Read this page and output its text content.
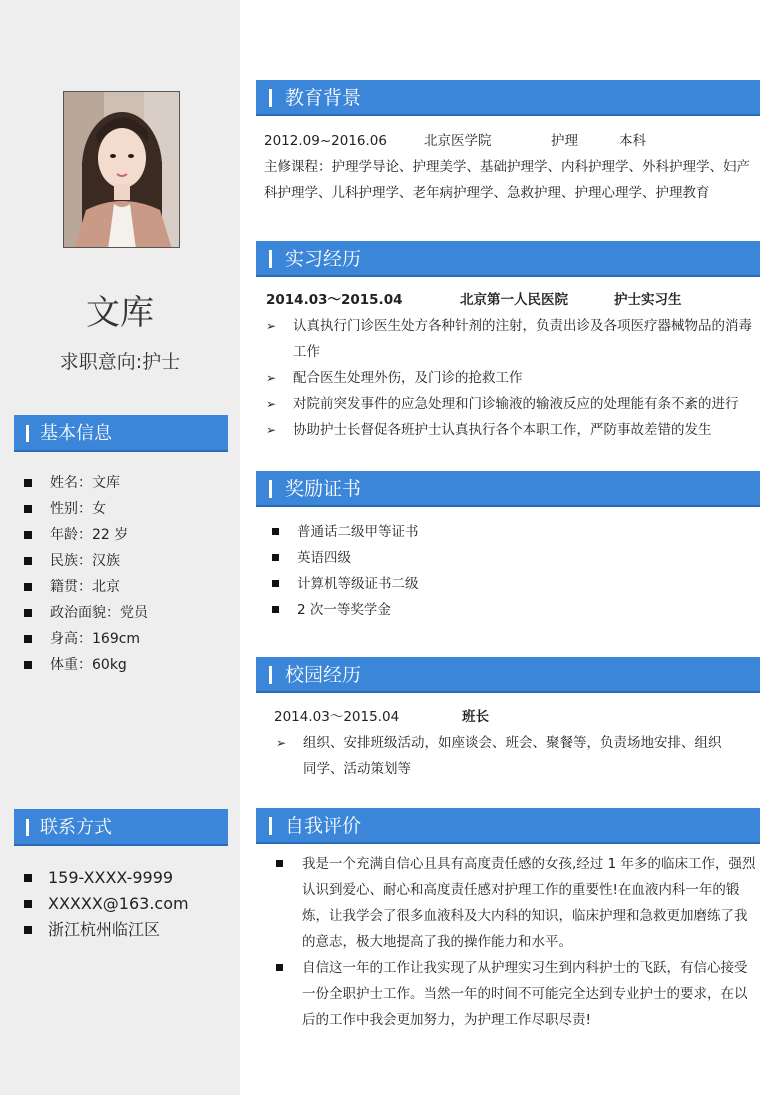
文库
求职意向:护士
基本信息
姓名：文库
性别：女
年龄：22 岁
民族：汉族
籍贯：北京
政治面貌：党员
身高：169cm
体重：60kg
联系方式
159-XXXX-9999
XXXXX@163.com
浙江杭州临江区
教育背景
2012.09~2016.06	北京医学院	护理	本科
主修课程：护理学导论、护理美学、基础护理学、内科护理学、外科护理学、妇产
科护理学、儿科护理学、老年病护理学、急救护理、护理心理学、护理教育
实习经历
2014.03～2015.04	北京第一人民医院	护士实习生
➢	认真执行门诊医生处方各种针剂的注射，负责出诊及各项医疗器械物品的消毒
工作
➢	配合医生处理外伤，及门诊的抢救工作
➢	对院前突发事件的应急处理和门诊输液的输液反应的处理能有条不紊的进行
➢	协助护士长督促各班护士认真执行各个本职工作，严防事故差错的发生
奖励证书
普通话二级甲等证书
英语四级
计算机等级证书二级
2 次一等奖学金
校园经历
2014.03～2015.04	班长
➢	组织、安排班级活动，如座谈会、班会、聚餐等，负责场地安排、组织
同学、活动策划等
自我评价
我是一个充满自信心且具有高度责任感的女孩,经过 1 年多的临床工作，强烈
认识到爱心、耐心和高度责任感对护理工作的重要性!在血液内科一年的锻
炼，让我学会了很多血液科及大内科的知识，临床护理和急救更加磨练了我
的意志，极大地提高了我的操作能力和水平。
自信这一年的工作让我实现了从护理实习生到内科护士的飞跃，有信心接受
一份全职护士工作。当然一年的时间不可能完全达到专业护士的要求，在以
后的工作中我会更加努力，为护理工作尽职尽责!
